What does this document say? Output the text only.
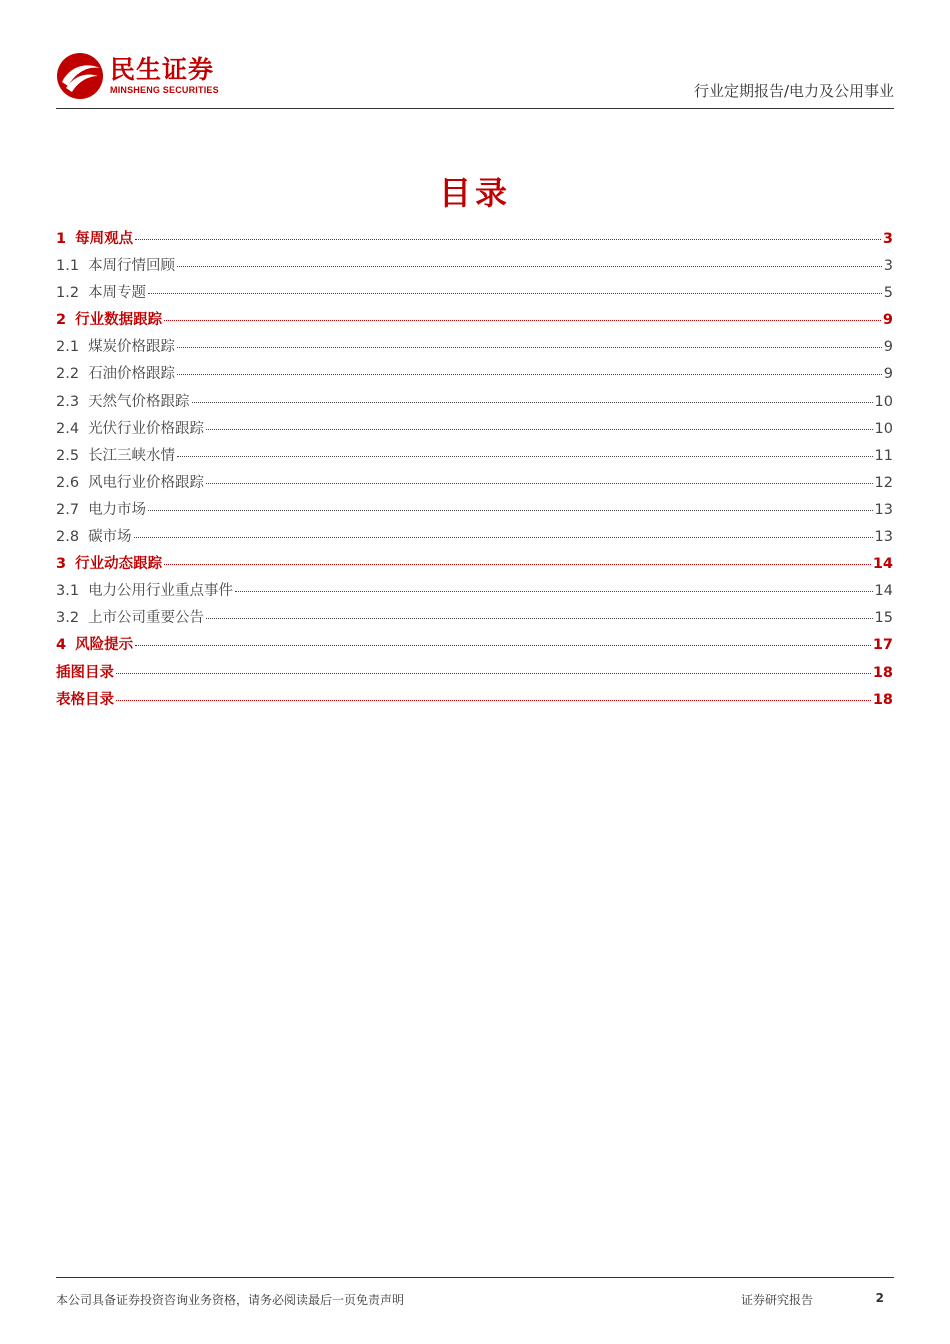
民生证券
MINSHENG SECURITIES	行业定期报告/电力及公用事业
目录
1 每周观点	3
1.1 本周行情回顾	3
1.2 本周专题	5
2 行业数据跟踪	9
2.1 煤炭价格跟踪	9
2.2 石油价格跟踪	9
2.3 天然气价格跟踪	10
2.4 光伏行业价格跟踪	10
2.5 长江三峡水情	11
2.6 风电行业价格跟踪	12
2.7 电力市场	13
2.8 碳市场	13
3 行业动态跟踪	14
3.1 电力公用行业重点事件	14
3.2 上市公司重要公告	15
4 风险提示	17
插图目录	18
表格目录	18
本公司具备证券投资咨询业务资格，请务必阅读最后一页免责声明	证券研究报告	2
